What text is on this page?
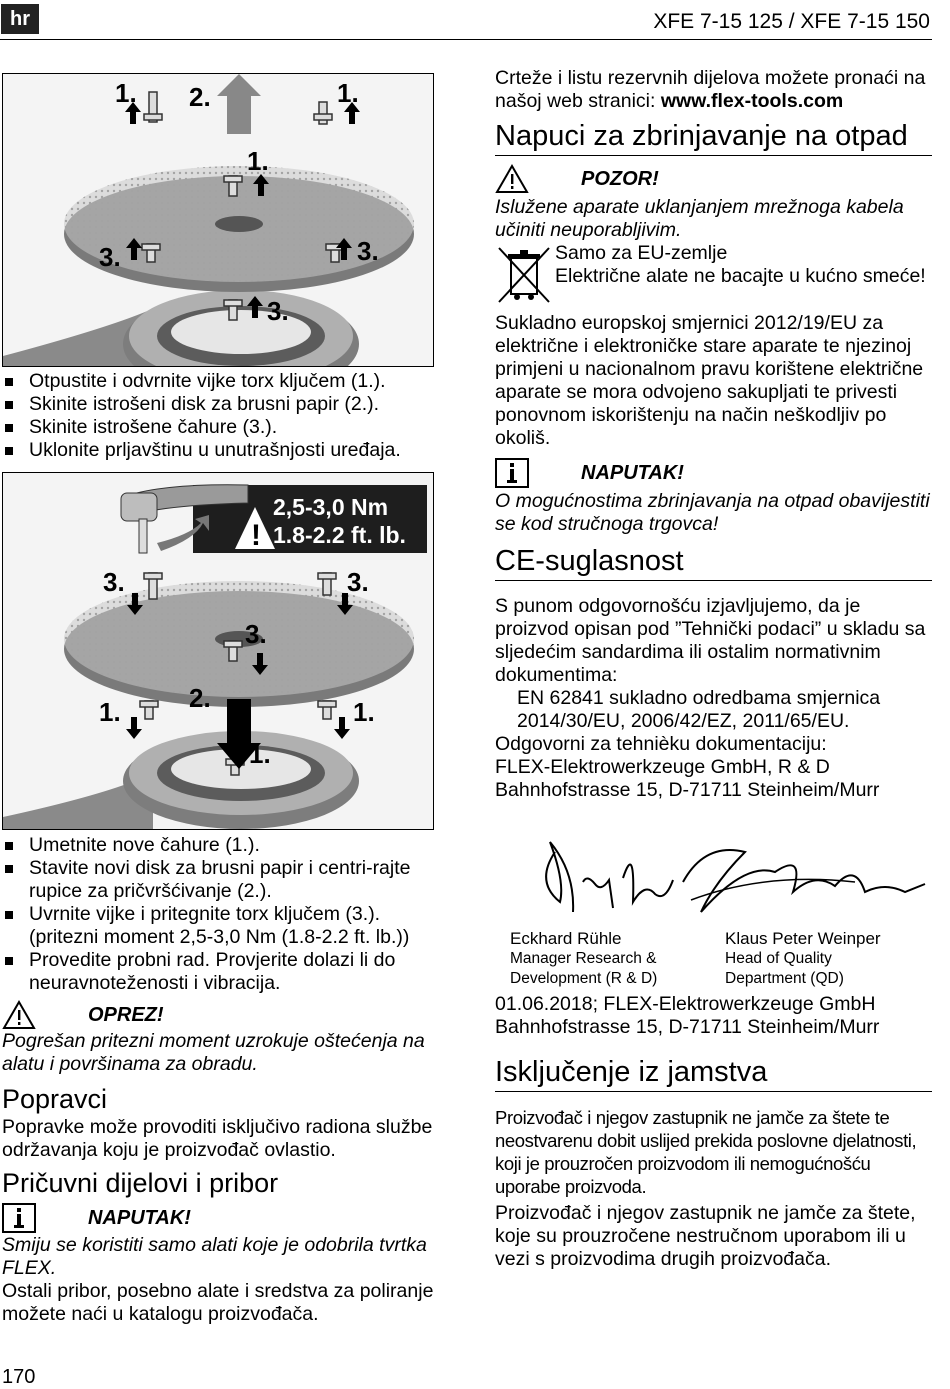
hr	XFE 7-15 125 / XFE 7-15 150
1. 2.	1.
1.
3.	3.
3.
Otpustite i odvrnite vijke torx ključem (1.).
Skinite istrošeni disk za brusni papir (2.).
Skinite istrošene čahure (3.).
Uklonite prljavštinu u unutrašnjosti uređaja.
!
2,5-3,0 Nm
1.8-2.2 ft. lb.
3.	3.
3.
2.
1.	1.
1.
Umetnite nove čahure (1.).
Stavite novi disk za brusni papir i centri-rajte rupice za pričvršćivanje (2.).
Uvrnite vijke i pritegnite torx ključem (3.). (pritezni moment 2,5-3,0 Nm (1.8-2.2 ft. lb.))
Provedite probni rad. Provjerite dolazi li do neuravnoteženosti i vibracija.
OPREZ!

Pogrešan pritezni moment uzrokuje oštećenja na alatu i površinama za obradu.

Popravci

Popravke može provoditi isključivo radiona službe održavanja koju je proizvođač ovlastio.

Pričuvni dijelovi i pribor

NAPUTAK!

Smiju se koristiti samo alati koje je odobrila tvrtka FLEX.

Ostali pribor, posebno alate i sredstva za poliranje možete naći u katalogu proizvođača.

Crteže i listu rezervnih dijelova možete pronaći na našoj web stranici: www.flex-tools.com

Napuci za zbrinjavanje na otpad

POZOR!

Islužene aparate uklanjanjem mrežnoga kabela učiniti neuporabljivim.

Samo za EU-zemlje

Električne alate ne bacajte u kućno smeće!

Sukladno europskoj smjernici 2012/19/EU za električne i elektroničke stare aparate te njezinoj primjeni u nacionalnom pravu korištene električne aparate se mora odvojeno sakupljati te privesti ponovnom iskorištenju na način neškodljiv po okoliš.

NAPUTAK!

O mogućnostima zbrinjavanja na otpad obavijestiti se kod stručnoga trgovca!

CE -suglasnost

S punom odgovornošću izjavljujemo, da je proizvod opisan pod ”Tehnički podaci” u skladu sa sljedećim sandardima ili ostalim normativnim dokumentima:

EN 62841 sukladno odredbama smjernica 2014/30/EU, 2006/42/EZ, 2011/65/EU.

Odgovorni za tehnièku dokumentaciju:

FLEX-Elektrowerkzeuge GmbH, R & D

Bahnhofstrasse 15, D-71711 Steinheim/Murr

Eckhard Rühle
Manager Research &
Development (R & D)
Klaus Peter Weinper
Head of Quality
Department (QD)

01.06.2018; FLEX-Elektrowerkzeuge GmbH

Bahnhofstrasse 15, D-71711 Steinheim/Murr

Isključenje iz jamstva

Proizvođač i njegov zastupnik ne jamče za štete te neostvarenu dobit uslijed prekida poslovne djelatnosti, koji je prouzročen proizvodom ili nemogućnošću uporabe proizvoda.

Proizvođač i njegov zastupnik ne jamče za štete, koje su prouzročene nestručnom uporabom ili u vezi s proizvodima drugih proizvođača.

170
